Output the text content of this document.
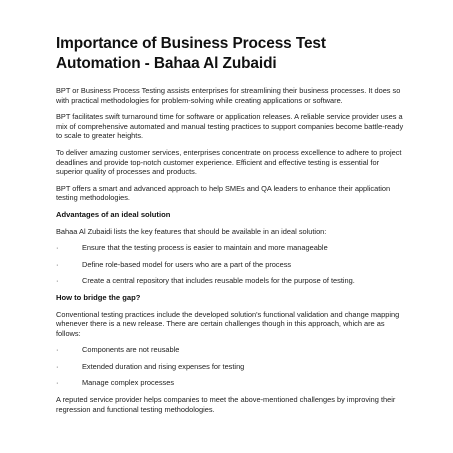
Importance of Business Process Test Automation - Bahaa Al Zubaidi

BPT or Business Process Testing assists enterprises for streamlining their business processes. It does so with practical methodologies for problem-solving while creating applications or software.

BPT facilitates swift turnaround time for software or application releases. A reliable service provider uses a mix of comprehensive automated and manual testing practices to support companies become battle-ready to scale to greater heights.

To deliver amazing customer services, enterprises concentrate on process excellence to adhere to project deadlines and provide top-notch customer experience. Efficient and effective testing is essential for superior quality of processes and products.

BPT offers a smart and advanced approach to help SMEs and QA leaders to enhance their application testing methodologies.

Advantages of an ideal solution

Bahaa Al Zubaidi lists the key features that should be available in an ideal solution:

·	Ensure that the testing process is easier to maintain and more manageable

·	Define role-based model for users who are a part of the process

·	Create a central repository that includes reusable models for the purpose of testing.

How to bridge the gap?

Conventional testing practices include the developed solution's functional validation and change mapping whenever there is a new release. There are certain challenges though in this approach, which are as follows:

·	Components are not reusable

·	Extended duration and rising expenses for testing

·	Manage complex processes

A reputed service provider helps companies to meet the above-mentioned challenges by improving their regression and functional testing methodologies.
